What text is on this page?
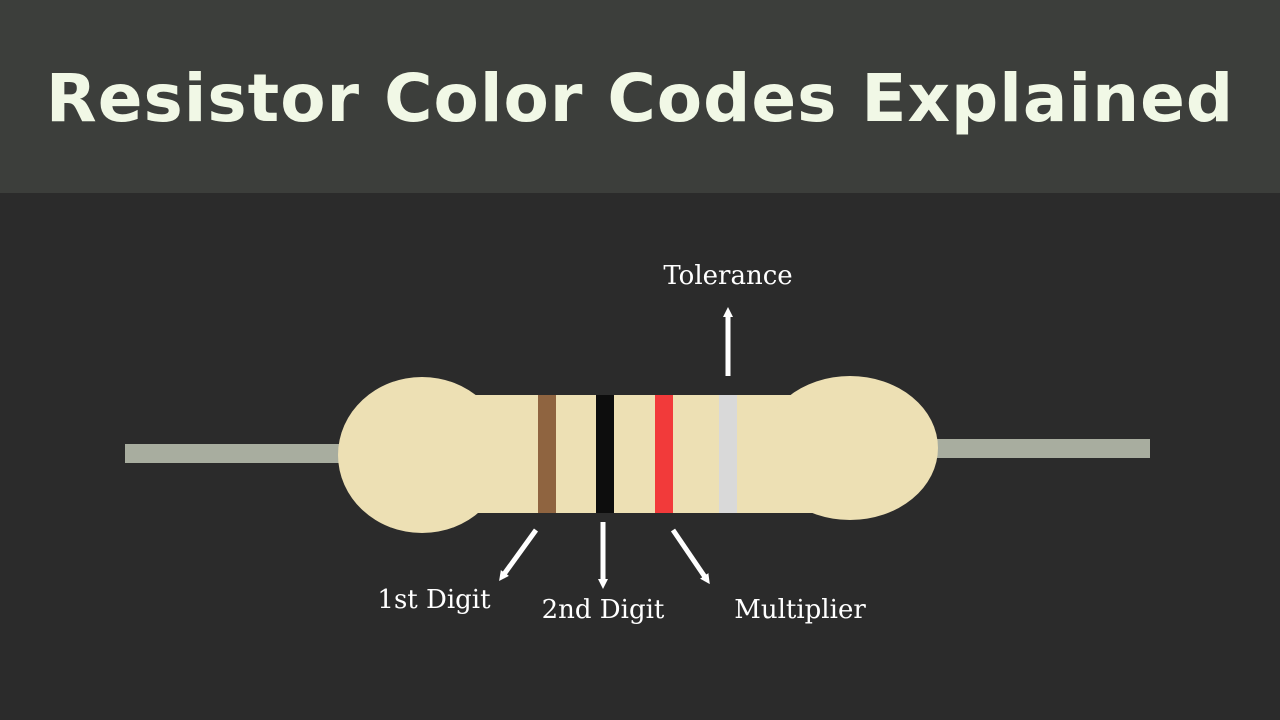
Resistor Color Codes Explained
Tolerance
1st Digit 2nd Digit	Multiplier
